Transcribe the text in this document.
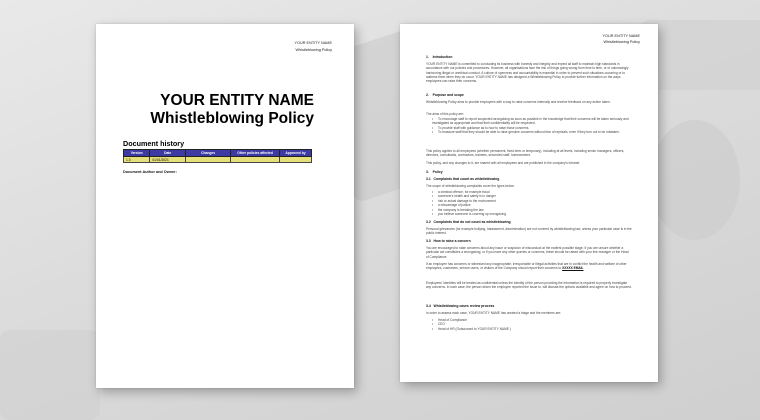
YOUR ENTITY NAME
Whistleblowing Policy
YOUR ENTITY NAME
Whistleblowing Policy
Document history
Version	Date	Changes	Other policies affected	Approved by
1.0	01/01/2021			
Document Author and Owner:
YOUR ENTITY NAME
Whistleblowing Policy
1. Introduction

YOUR ENTITY NAME is committed to conducting its business with honesty and integrity and expect all staff to maintain high standards in accordance with our policies and procedures. However, all organisations face the risk of things going wrong from time to time, or of unknowingly harbouring illegal or unethical conduct. A culture of openness and accountability is essential in order to prevent such situations occurring or to address them when they do occur. YOUR ENTITY NAME has designed a Whistleblowing Policy to provide further information on the ways employees can raise their concerns.

2. Purpose and scope

Whistleblowing Policy aims to provide employees with a way to raise concerns internally and receive feedback on any action taken.

The aims of this policy are:

• To encourage staff to report suspected wrongdoing as soon as possible in the knowledge that their concerns will be taken seriously and investigated as appropriate and that their confidentiality will be respected.
• To provide staff with guidance as to how to raise those concerns.
• To reassure staff that they should be able to raise genuine concerns without fear of reprisals, even if they turn out to be mistaken.

This policy applies to all employees (whether permanent, fixed-term or temporary), including at all levels, including senior managers, officers, directors, consultants, contractors, trainees, seconded staff, homeworkers.

This policy, and any changes to it, are shared with all employees and are published in the company's intranet.

3. Policy
3.1 Complaints that count as whistleblowing

The scope of whistleblowing complaints cover the types below:

• a criminal offence, for example fraud
• someone's health and safety is in danger
• risk or actual damage to the environment
• a miscarriage of justice
• the company is breaking the law
• you believe someone is covering up wrongdoing
3.2 Complaints that do not count as whistleblowing

Personal grievances (for example bullying, harassment, discrimination) are not covered by whistleblowing law, unless your particular case is in the public interest.

3.3 How to raise a concern

You are encouraged to raise concerns about any issue or suspicion of misconduct at the earliest possible stage. If you are unsure whether a particular act constitutes a wrongdoing, or if you have any other queries or concerns, these should be raised with your line manager or the Head of Compliance.

If an employee has concerns or witnessed any inappropriate, irresponsible or illegal activities that are in conflict the health and welfare of other employees, customers, service users, or visitors of the Company should report their concerns to XXXXX EMAIL

Employees' identities will be treated as confidential unless the identity of the person providing the information is required to properly investigate any concerns. In such case, the person whom the employee reported the issue to, will discuss the options available and agree on how to proceed.

3.4 Whistleblowing cases review process

In order to assess each case, YOUR ENTITY NAME has created a triage and the members are:

• Head of Compliance
• CEO
• Head of HR (Outsourced to YOUR ENTITY NAME )
